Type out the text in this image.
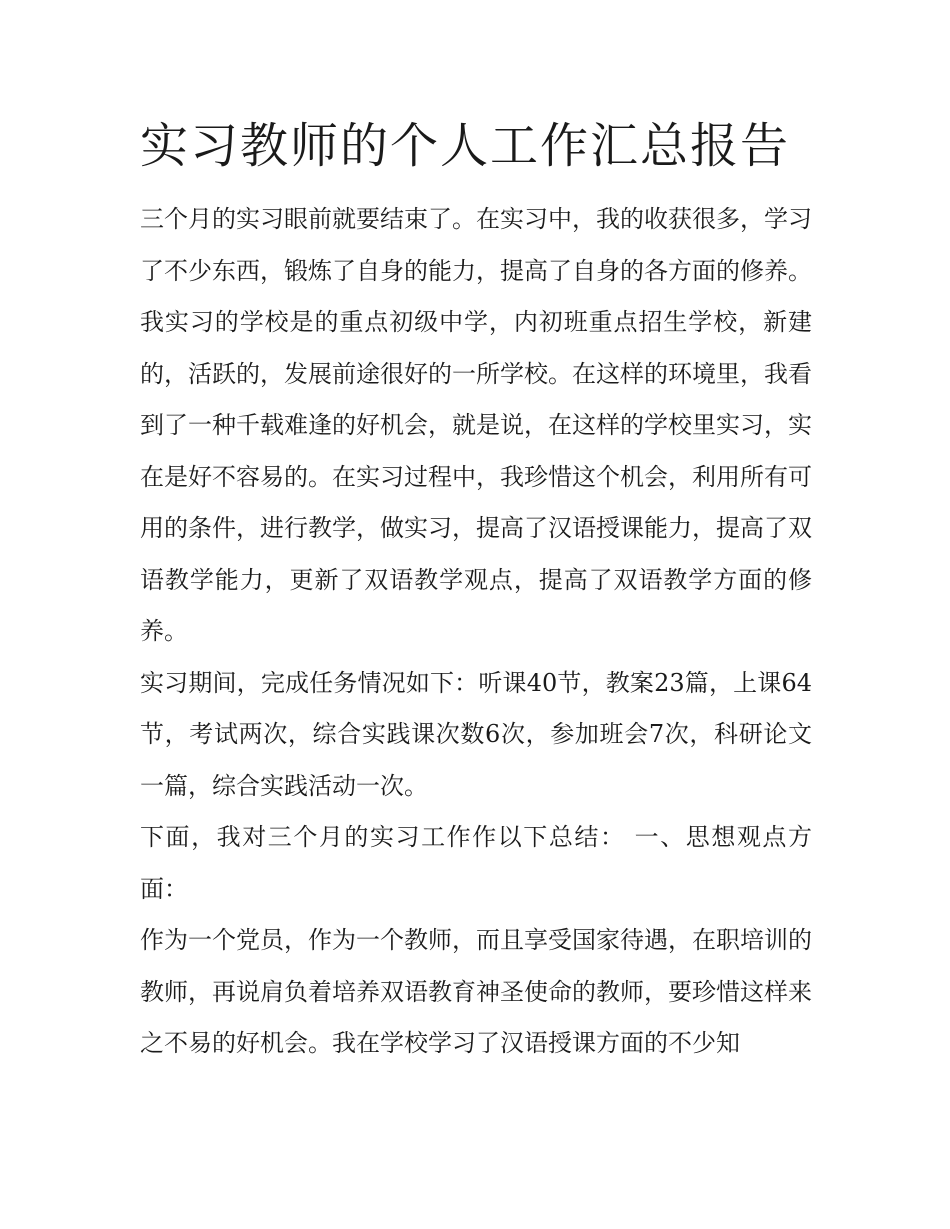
实习教师的个人工作汇总报告

三个月的实习眼前就要结束了。在实习中，我的收获很多，学习了不少东西，锻炼了自身的能力，提高了自身的各方面的修养。

我实习的学校是的重点初级中学，内初班重点招生学校，新建的，活跃的，发展前途很好的一所学校。在这样的环境里，我看到了一种千载难逢的好机会，就是说，在这样的学校里实习，实在是好不容易的。在实习过程中，我珍惜这个机会，利用所有可用的条件，进行教学，做实习，提高了汉语授课能力，提高了双语教学能力，更新了双语教学观点，提高了双语教学方面的修养。

实习期间，完成任务情况如下：听课40节，教案23篇，上课64节，考试两次，综合实践课次数6次，参加班会7次，科研论文一篇，综合实践活动一次。

下面，我对三个月的实习工作作以下总结： 一、思想观点方面：

作为一个党员，作为一个教师，而且享受国家待遇，在职培训的教师，再说肩负着培养双语教育神圣使命的教师，要珍惜这样来之不易的好机会。我在学校学习了汉语授课方面的不少知
